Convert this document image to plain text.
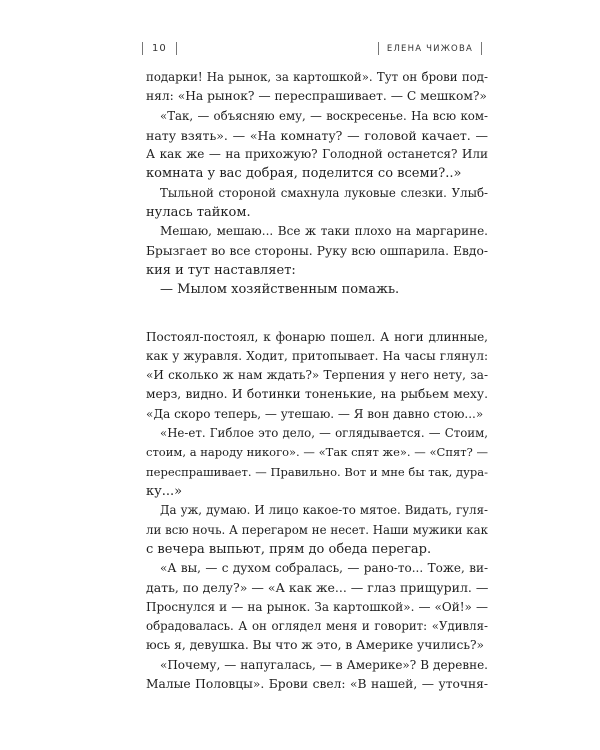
10	ЕЛЕНА ЧИЖОВА
подарки! На рынок, за картошкой». Тут он брови под-
нял: «На рынок? — переспрашивает. — С мешком?»
«Так, — объясняю ему, — воскресенье. На всю ком-
нату взять». — «На комнату? — головой качает. —
А как же — на прихожую? Голодной останется? Или
комната у вас добрая, поделится со всеми?..»
Тыльной стороной смахнула луковые слезки. Улыб-
нулась тайком.
Мешаю, мешаю... Все ж таки плохо на маргарине.
Брызгает во все стороны. Руку всю ошпарила. Евдо-
кия и тут наставляет:
— Мылом хозяйственным помажь.
Постоял-постоял, к фонарю пошел. А ноги длинные,
как у журавля. Ходит, притопывает. На часы глянул:
«И сколько ж нам ждать?» Терпения у него нету, за-
мерз, видно. И ботинки тоненькие, на рыбьем меху.
«Да скоро теперь, — утешаю. — Я вон давно стою...»
«Не-ет. Гиблое это дело, — оглядывается. — Стоим,
стоим, а народу никого». — «Так спят же». — «Спят? —
переспрашивает. — Правильно. Вот и мне бы так, дура-
ку...»
Да уж, думаю. И лицо какое-то мятое. Видать, гуля-
ли всю ночь. А перегаром не несет. Наши мужики как
с вечера выпьют, прям до обеда перегар.
«А вы, — с духом собралась, — рано-то... Тоже, ви-
дать, по делу?» — «А как же... — глаз прищурил. —
Проснулся и — на рынок. За картошкой». — «Ой!» —
обрадовалась. А он оглядел меня и говорит: «Удивля-
юсь я, девушка. Вы что ж это, в Америке учились?»
«Почему, — напугалась, — в Америке»? В деревне.
Малые Половцы». Брови свел: «В нашей, — уточня-
